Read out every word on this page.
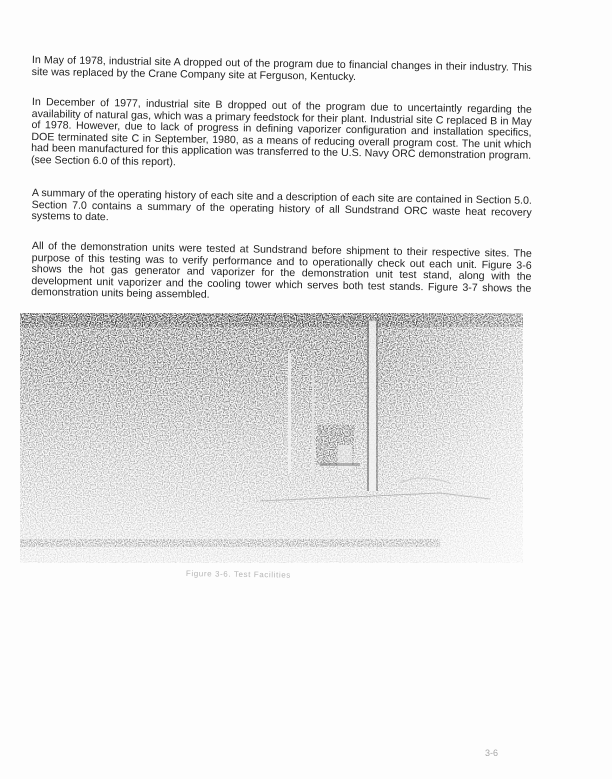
In May of 1978, industrial site A dropped out of the program due to financial changes in their industry. This site was replaced by the Crane Company site at Ferguson, Kentucky.

In December of 1977, industrial site B dropped out of the program due to uncertaintly regarding the availability of natural gas, which was a primary feedstock for their plant. Industrial site C replaced B in May of 1978. However, due to lack of progress in defining vaporizer configuration and installation specifics, DOE terminated site C in September, 1980, as a means of reducing overall program cost. The unit which had been manufactured for this application was transferred to the U.S. Navy ORC demonstration program. (see Section 6.0 of this report).

A summary of the operating history of each site and a description of each site are contained in Section 5.0. Section 7.0 contains a summary of the operating history of all Sundstrand ORC waste heat recovery systems to date.

All of the demonstration units were tested at Sundstrand before shipment to their respective sites. The purpose of this testing was to verify performance and to operationally check out each unit. Figure 3-6 shows the hot gas generator and vaporizer for the demonstration unit test stand, along with the development unit vaporizer and the cooling tower which serves both test stands. Figure 3-7 shows the demonstration units being assembled.

Figure 3-6. Test Facilities

3-6
